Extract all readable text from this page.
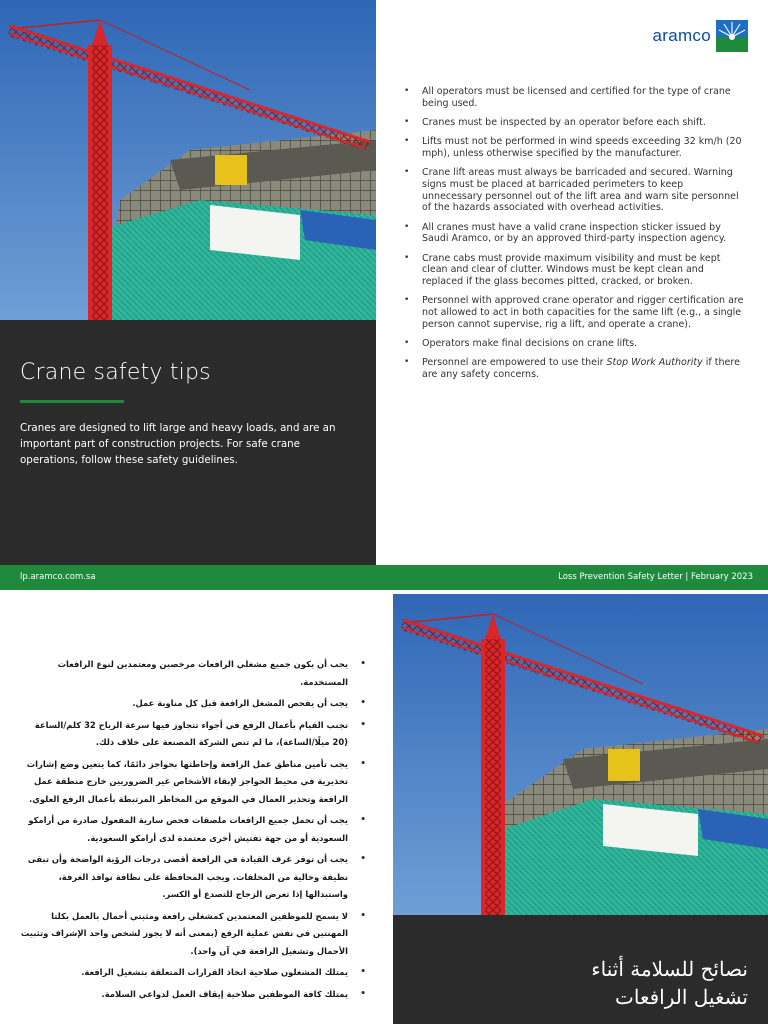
Crane safety tips

Cranes are designed to lift large and heavy loads, and are an important part of construction projects. For safe crane operations, follow these safety guidelines.

aramco
• All operators must be licensed and certified for the type of crane being used.
• Cranes must be inspected by an operator before each shift.
• Lifts must not be performed in wind speeds exceeding 32 km/h (20 mph), unless otherwise specified by the manufacturer.
• Crane lift areas must always be barricaded and secured. Warning signs must be placed at barricaded perimeters to keep unnecessary personnel out of the lift area and warn site personnel of the hazards associated with overhead activities.
• All cranes must have a valid crane inspection sticker issued by Saudi Aramco, or by an approved third-party inspection agency.
• Crane cabs must provide maximum visibility and must be kept clean and clear of clutter. Windows must be kept clean and replaced if the glass becomes pitted, cracked, or broken.
• Personnel with approved crane operator and rigger certification are not allowed to act in both capacities for the same lift (e.g., a single person cannot supervise, rig a lift, and operate a crane).
• Operators make final decisions on crane lifts.
• Personnel are empowered to use their Stop Work Authority if there are any safety concerns.
lp.aramco.com.sa	Loss Prevention Safety Letter | February 2023
• يجب أن يكون جميع مشغلي الرافعات مرخصين ومعتمدين لنوع الرافعات المستخدمة.
• يجب أن يفحص المشغل الرافعة قبل كل مناوبة عمل.
• تجنب القيام بأعمال الرفع في أجواء تتجاوز فيها سرعة الرياح 32 كلم/الساعة (20 ميلًا/الساعة)، ما لم تنص الشركة المصنعة على خلاف ذلك.
• يجب تأمين مناطق عمل الرافعة وإحاطتها بحواجز دائمًا، كما يتعين وضع إشارات تحذيرية في محيط الحواجز لإبقاء الأشخاص غير الضروريين خارج منطقة عمل الرافعة وتحذير العمال في الموقع من المخاطر المرتبطة بأعمال الرفع العلوي.
• يجب أن تحمل جميع الرافعات ملصقات فحص سارية المفعول صادرة من أرامكو السعودية أو من جهة تفتيش أخرى معتمدة لدى أرامكو السعودية.
• يجب أن توفر غرف القيادة في الرافعة أقصى درجات الرؤية الواضحة وأن تبقى نظيفة وخالية من المخلفات. ويجب المحافظة على نظافة نوافذ الغرفة، واستبدالها إذا تعرض الزجاج للتصدع أو الكسر.
• لا يسمح للموظفين المعتمدين كمشغلي رافعة ومثبتي أحمال بالعمل بكلتا المهنتين في نفس عملية الرفع (بمعنى أنه لا يجوز لشخص واحد الإشراف وتثبيت الأحمال وتشغيل الرافعة في آن واحد).
• يمتلك المشغلون صلاحية اتخاذ القرارات المتعلقة بتشغيل الرافعة.
• يمتلك كافة الموظفين صلاحية إيقاف العمل لدواعي السلامة.
نصائح للسلامة أثناء
تشغيل الرافعات
